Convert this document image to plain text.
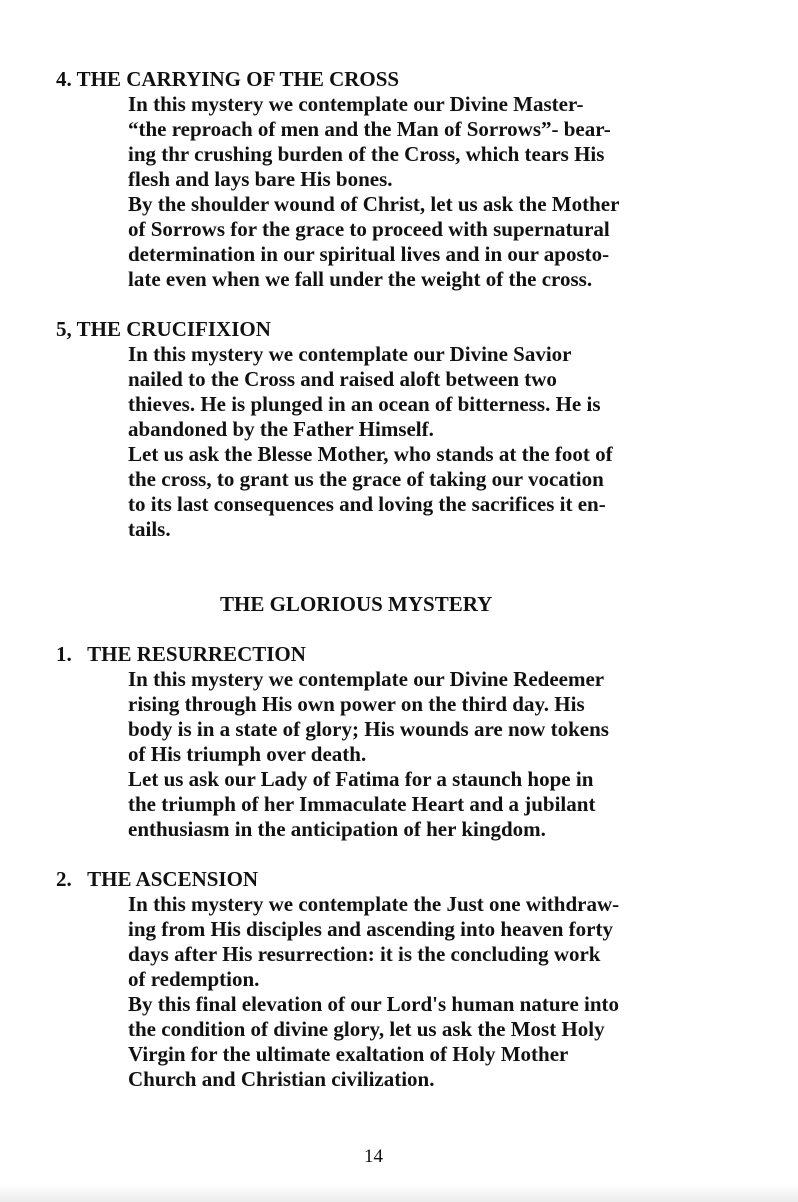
4. THE CARRYING OF THE CROSS
In this mystery we contemplate our Divine Master-
“the reproach of men and the Man of Sorrows”- bear-
ing thr crushing burden of the Cross, which tears His
flesh and lays bare His bones.
By the shoulder wound of Christ, let us ask the Mother
of Sorrows for the grace to proceed with supernatural
determination in our spiritual lives and in our aposto-
late even when we fall under the weight of the cross.
5, THE CRUCIFIXION
In this mystery we contemplate our Divine Savior
nailed to the Cross and raised aloft between two
thieves. He is plunged in an ocean of bitterness. He is
abandoned by the Father Himself.
Let us ask the Blesse Mother, who stands at the foot of
the cross, to grant us the grace of taking our vocation
to its last consequences and loving the sacrifices it en-
tails.
THE GLORIOUS MYSTERY
1.   THE RESURRECTION
In this mystery we contemplate our Divine Redeemer
rising through His own power on the third day. His
body is in a state of glory; His wounds are now tokens
of His triumph over death.
Let us ask our Lady of Fatima for a staunch hope in
the triumph of her Immaculate Heart and a jubilant
enthusiasm in the anticipation of her kingdom.
2.   THE ASCENSION
In this mystery we contemplate the Just one withdraw-
ing from His disciples and ascending into heaven forty
days after His resurrection: it is the concluding work
of redemption.
By this final elevation of our Lord's human nature into
the condition of divine glory, let us ask the Most Holy
Virgin for the ultimate exaltation of Holy Mother
Church and Christian civilization.
14
